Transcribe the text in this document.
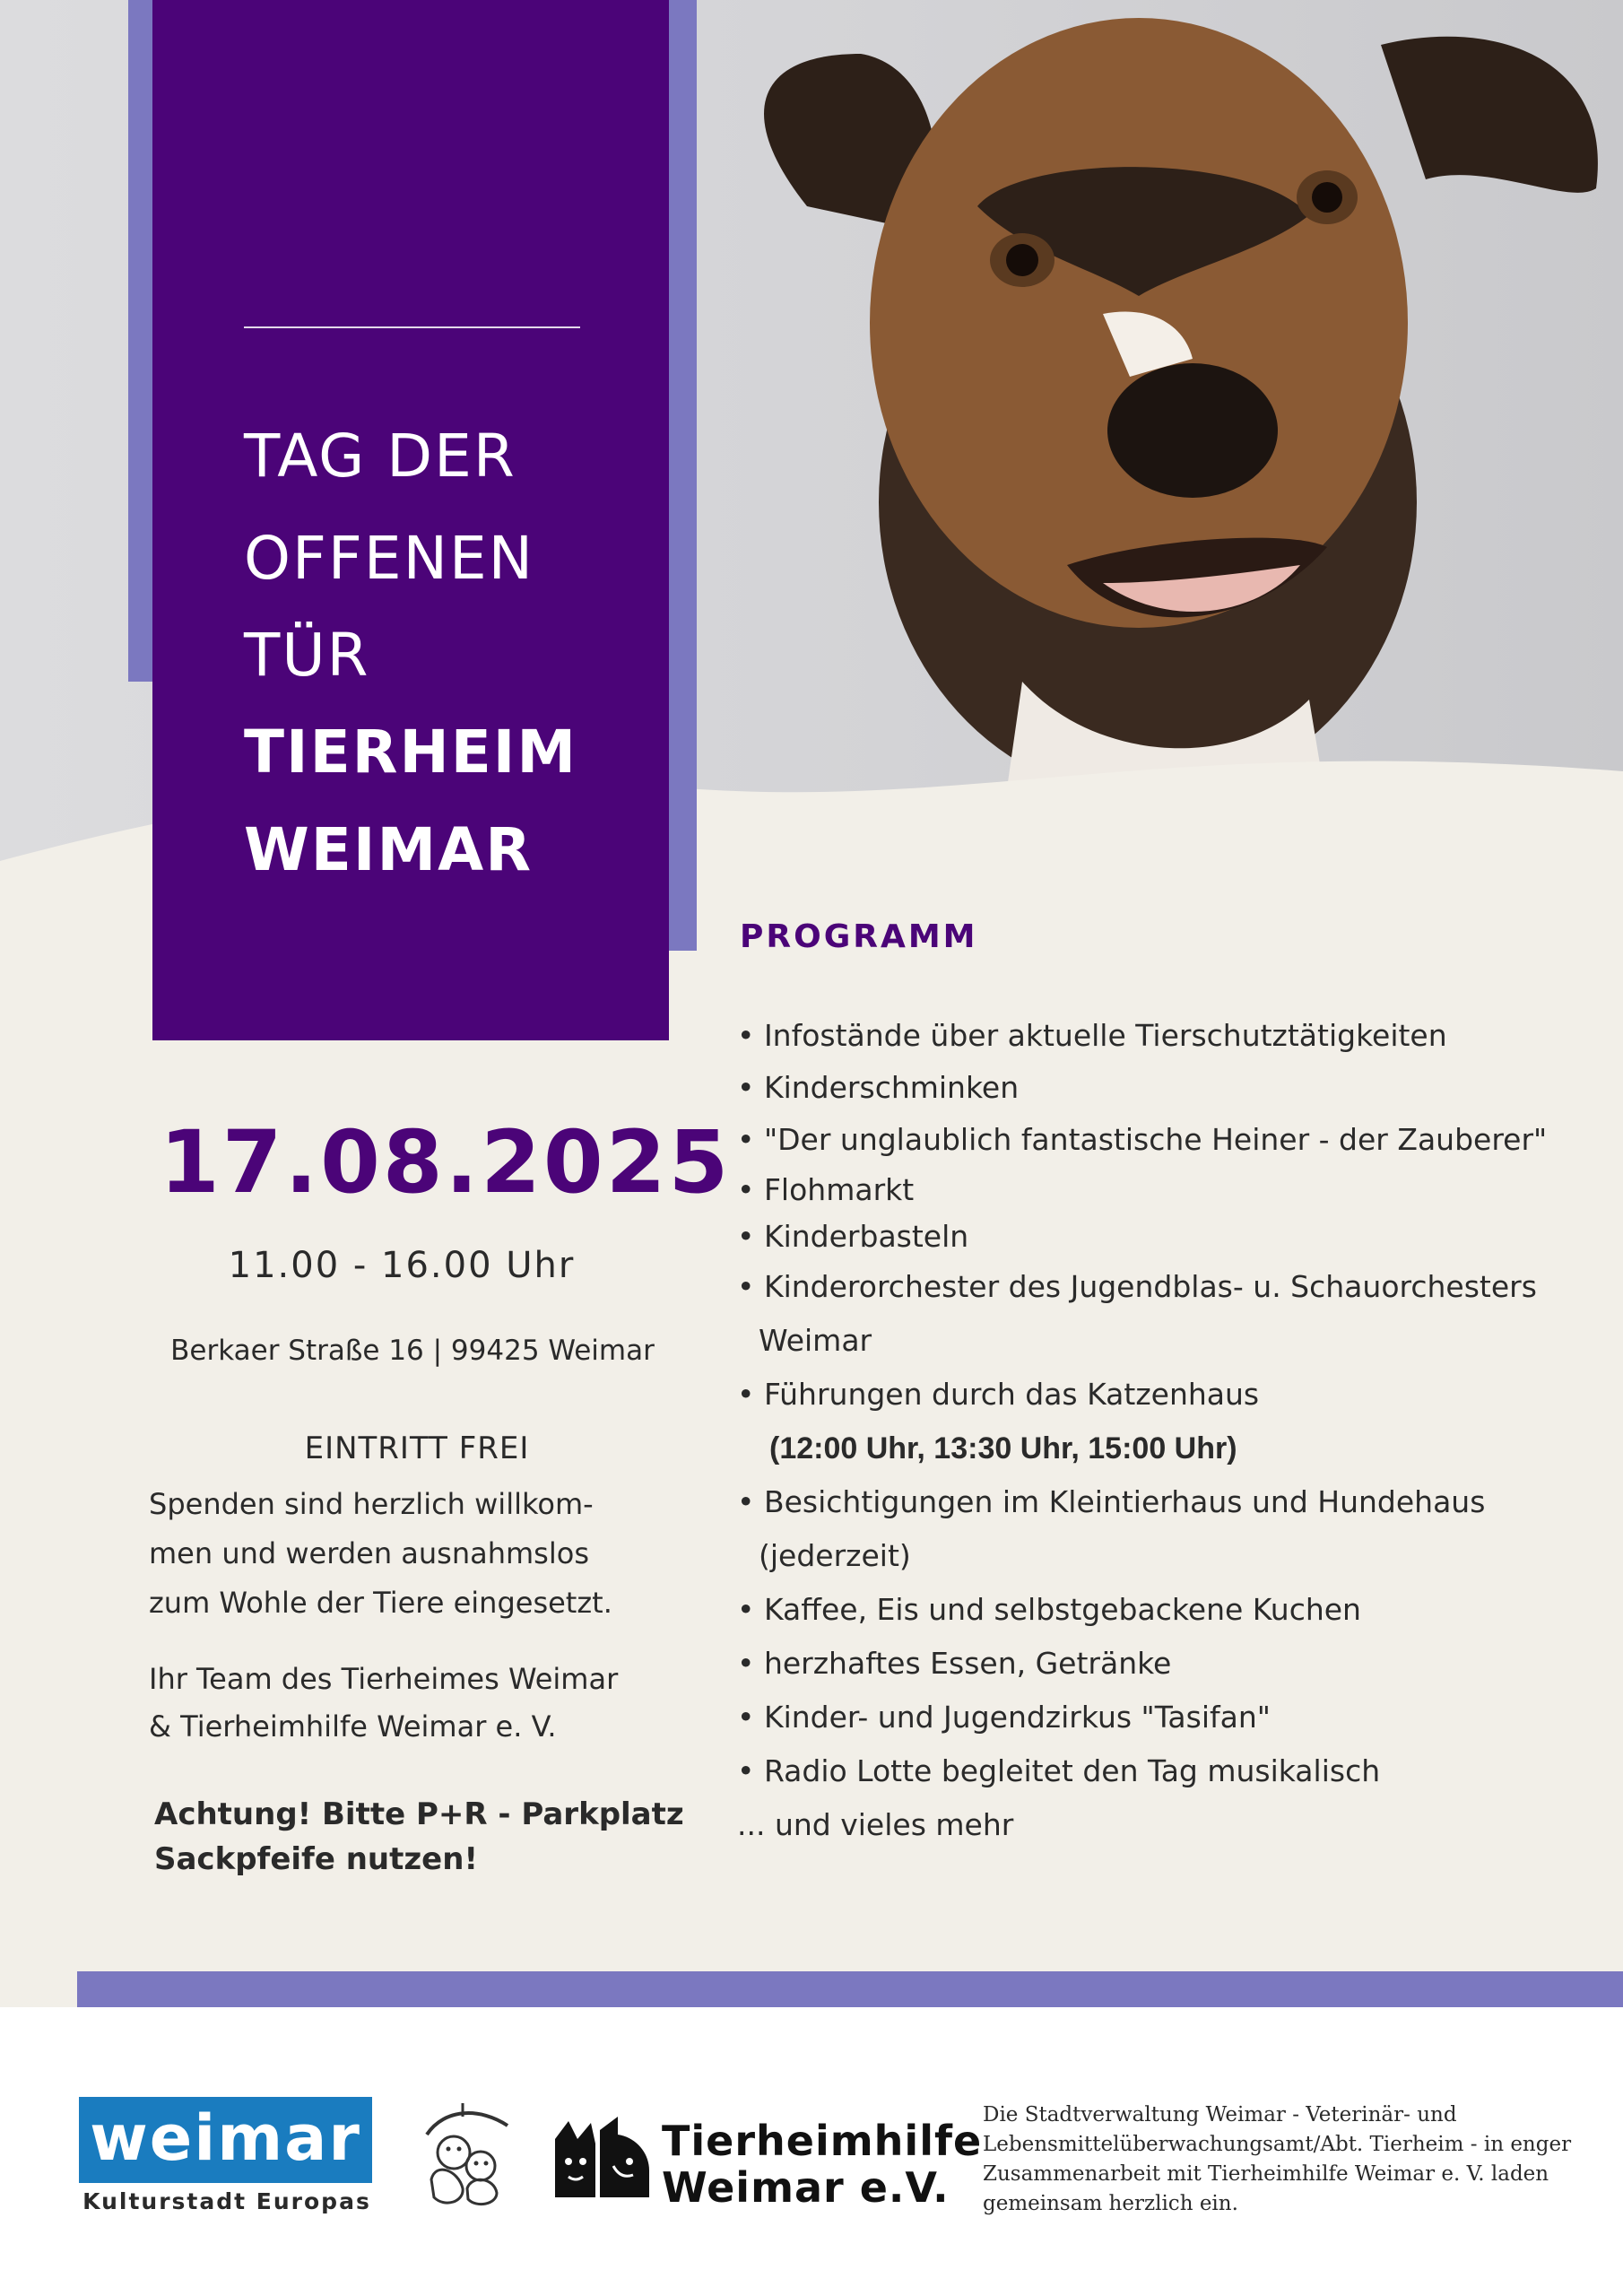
TAG DER
OFFENEN
TÜR
TIERHEIM
WEIMAR
17.08.2025
11.00 - 16.00 Uhr
Berkaer Straße 16 | 99425 Weimar
EINTRITT FREI
Spenden sind herzlich willkom-
men und werden ausnahmslos
zum Wohle der Tiere eingesetzt.
Ihr Team des Tierheimes Weimar
& Tierheimhilfe Weimar e. V.
Achtung! Bitte P+R - Parkplatz
Sackpfeife nutzen!
PROGRAMM
• Infostände über aktuelle Tierschutztätigkeiten
• Kinderschminken
• "Der unglaublich fantastische Heiner - der Zauberer"
• Flohmarkt
• Kinderbasteln
• Kinderorchester des Jugendblas- u. Schauorchesters
Weimar
• Führungen durch das Katzenhaus
(12:00 Uhr, 13:30 Uhr, 15:00 Uhr)
• Besichtigungen im Kleintierhaus und Hundehaus
(jederzeit)
• Kaffee, Eis und selbstgebackene Kuchen
• herzhaftes Essen, Getränke
• Kinder- und Jugendzirkus "Tasifan"
• Radio Lotte begleitet den Tag musikalisch
... und vieles mehr
weimar
Kulturstadt Europas
Tierheimhilfe
Weimar e.V.
Die Stadtverwaltung Weimar - Veterinär- und
Lebensmittelüberwachungsamt/Abt. Tierheim - in enger
Zusammenarbeit mit Tierheimhilfe Weimar e. V. laden
gemeinsam herzlich ein.
